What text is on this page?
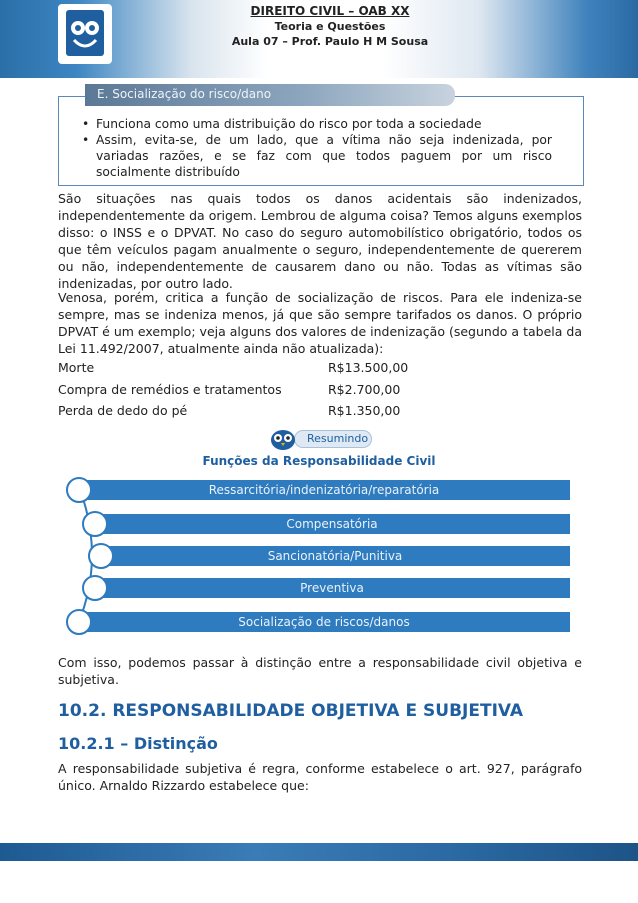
DIREITO CIVIL – OAB XX
Teoria e Questões
Aula 07 – Prof. Paulo H M Sousa
E. Socialização do risco/dano
• Funciona como uma distribuição do risco por toda a sociedade
• Assim, evita-se, de um lado, que a vítima não seja indenizada, por variadas razões, e se faz com que todos paguem por um risco socialmente distribuído
São situações nas quais todos os danos acidentais são indenizados, independentemente da origem. Lembrou de alguma coisa? Temos alguns exemplos disso: o INSS e o DPVAT. No caso do seguro automobilístico obrigatório, todos os que têm veículos pagam anualmente o seguro, independentemente de quererem ou não, independentemente de causarem dano ou não. Todas as vítimas são indenizadas, por outro lado.
Venosa, porém, critica a função de socialização de riscos. Para ele indeniza-se sempre, mas se indeniza menos, já que são sempre tarifados os danos. O próprio DPVAT é um exemplo; veja alguns dos valores de indenização (segundo a tabela da Lei 11.492/2007, atualmente ainda não atualizada):
Morte	R$13.500,00
Compra de remédios e tratamentos	R$2.700,00
Perda de dedo do pé	R$1.350,00
Resumindo
Funções da Responsabilidade Civil
Ressarcitória/indenizatória/reparatória
Compensatória
Sancionatória/Punitiva
Preventiva
Socialização de riscos/danos
Com isso, podemos passar à distinção entre a responsabilidade civil objetiva e subjetiva.
10.2. RESPONSABILIDADE OBJETIVA E SUBJETIVA
10.2.1 – Distinção
A responsabilidade subjetiva é regra, conforme estabelece o art. 927, parágrafo único. Arnaldo Rizzardo estabelece que:
